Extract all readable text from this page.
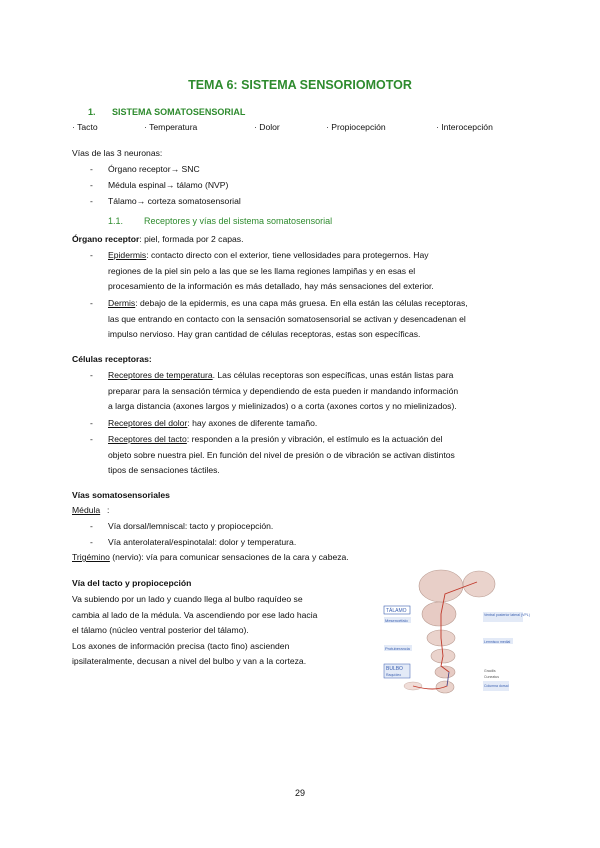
TEMA 6: SISTEMA SENSORIOMOTOR
1. SISTEMA SOMATOSENSORIAL
· Tacto	· Temperatura	· Dolor	· Propiocepción	· Interocepción
Vías de las 3 neuronas:
- Órgano receptor→ SNC
- Médula espinal→ tálamo (NVP)
- Tálamo→ corteza somatosensorial
1.1. Receptores y vías del sistema somatosensorial
Órgano receptor: piel, formada por 2 capas.
- Epidermis: contacto directo con el exterior, tiene vellosidades para protegernos. Hay
regiones de la piel sin pelo a las que se les llama regiones lampiñas y en esas el
procesamiento de la información es más detallado, hay más sensaciones del exterior.
- Dermis: debajo de la epidermis, es una capa más gruesa. En ella están las células receptoras,
las que entrando en contacto con la sensación somatosensorial se activan y desencadenan el
impulso nervioso. Hay gran cantidad de células receptoras, estas son específicas.
Células receptoras:
- Receptores de temperatura. Las células receptoras son específicas, unas están listas para
preparar para la sensación térmica y dependiendo de esta pueden ir mandando información
a larga distancia (axones largos y mielinizados) o a corta (axones cortos y no mielinizados).
- Receptores del dolor: hay axones de diferente tamaño.
- Receptores del tacto: responden a la presión y vibración, el estímulo es la actuación del
objeto sobre nuestra piel. En función del nivel de presión o de vibración se activan distintos
tipos de sensaciones táctiles.
Vías somatosensoriales
Médula :
- Vía dorsal/lemniscal: tacto y propiocepción.
- Vía anterolateral/espinotalal: dolor y temperatura.
Trigémino (nervio): vía para comunicar sensaciones de la cara y cabeza.
Vía del tacto y propiocepción
Va subiendo por un lado y cuando llega al bulbo raquídeo se
cambia al lado de la médula. Va ascendiendo por ese lado hacia
el tálamo (núcleo ventral posterior del tálamo).
Los axones de información precisa (tacto fino) ascienden
ipsilateralmente, decusan a nivel del bulbo y van a la corteza.
TÁLAMO
Mesencéfalo
Protuberancia
BULBO
Raquídeo
Ventral posterior lateral (VPL)
Lemnisco medial
Gracilis
Cuneatus
Columna dorsal
29
